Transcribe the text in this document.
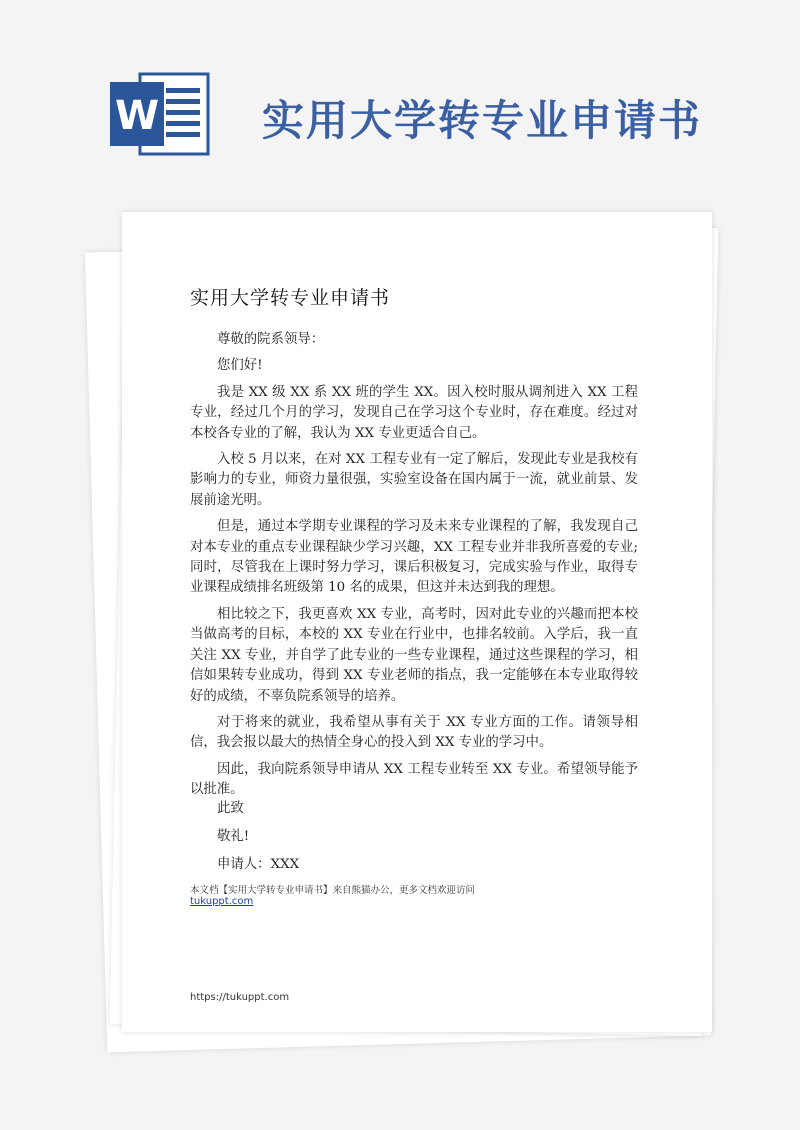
W 实用大学转专业申请书
实用大学转专业申请书

尊敬的院系领导：

您们好!

我是 XX 级 XX 系 XX 班的学生 XX。因入校时服从调剂进入 XX 工程专业，经过几个月的学习，发现自己在学习这个专业时，存在难度。经过对本校各专业的了解，我认为 XX 专业更适合自己。

入校 5 月以来，在对 XX 工程专业有一定了解后，发现此专业是我校有影响力的专业，师资力量很强，实验室设备在国内属于一流，就业前景、发展前途光明。

但是，通过本学期专业课程的学习及未来专业课程的了解，我发现自己对本专业的重点专业课程缺少学习兴趣，XX 工程专业并非我所喜爱的专业;同时，尽管我在上课时努力学习，课后积极复习，完成实验与作业，取得专业课程成绩排名班级第 10 名的成果，但这并未达到我的理想。

相比较之下，我更喜欢 XX 专业，高考时，因对此专业的兴趣而把本校当做高考的目标，本校的 XX 专业在行业中，也排名较前。入学后，我一直关注 XX 专业，并自学了此专业的一些专业课程，通过这些课程的学习，相信如果转专业成功，得到 XX 专业老师的指点，我一定能够在本专业取得较好的成绩，不辜负院系领导的培养。

对于将来的就业，我希望从事有关于 XX 专业方面的工作。请领导相信，我会报以最大的热情全身心的投入到 XX 专业的学习中。

因此，我向院系领导申请从 XX 工程专业转至 XX 专业。希望领导能予以批准。

此致
敬礼!
申请人：XXX
本文档【实用大学转专业申请书】来自熊猫办公，更多文档欢迎访问
tukuppt.com
https://tukuppt.com
